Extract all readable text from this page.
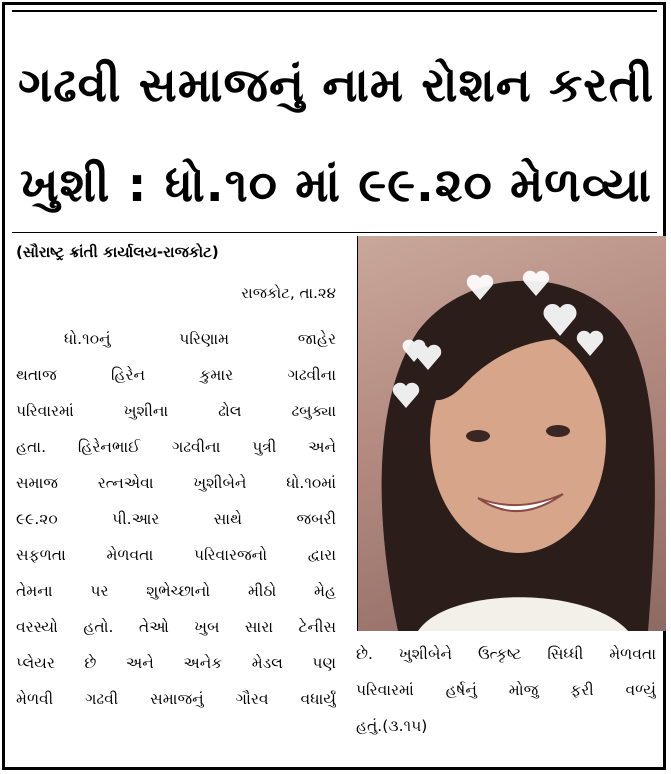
ગઢવી સમાજનું નામ રોશન કરતી
ખુશી : ધો.૧૦ માં ૯૯.૨૦ મેળવ્યા
(સૌરાષ્ટ્ર ક્રાંતી કાર્યાલય-રાજકોટ)
રાજકોટ, તા.૨૪
ધો.૧૦નું પરિણામ જાહેર
થતાજ હિરેન કુમાર ગઢવીના
પરિવારમાં ખુશીના ઢોલ ઢબુક્યા
હતા. હિરેનભાઈ ગઢવીના પુત્રી અને
સમાજ રત્નએવા ખુશીબેને ધો.૧૦માં
૯૯.૨૦ પી.આર સાથે જબરી
સફળતા મેળવતા પરિવારજનો દ્વારા
તેમના પર શુભેચ્છાનો મીઠો મેહ
વરસ્યો હતો. તેઓ ખુબ સારા ટેનીસ
પ્લેયર છે અને અનેક મેડલ પણ
મેળવી ગઢવી સમાજનું ગૌરવ વધાર્યું
છે. ખુશીબેને ઉત્કૃષ્ટ સિધ્ધી મેળવતા
પરિવારમાં હર્ષનું મોજુ ફરી વળ્યું
હતું.(૩.૧૫)
